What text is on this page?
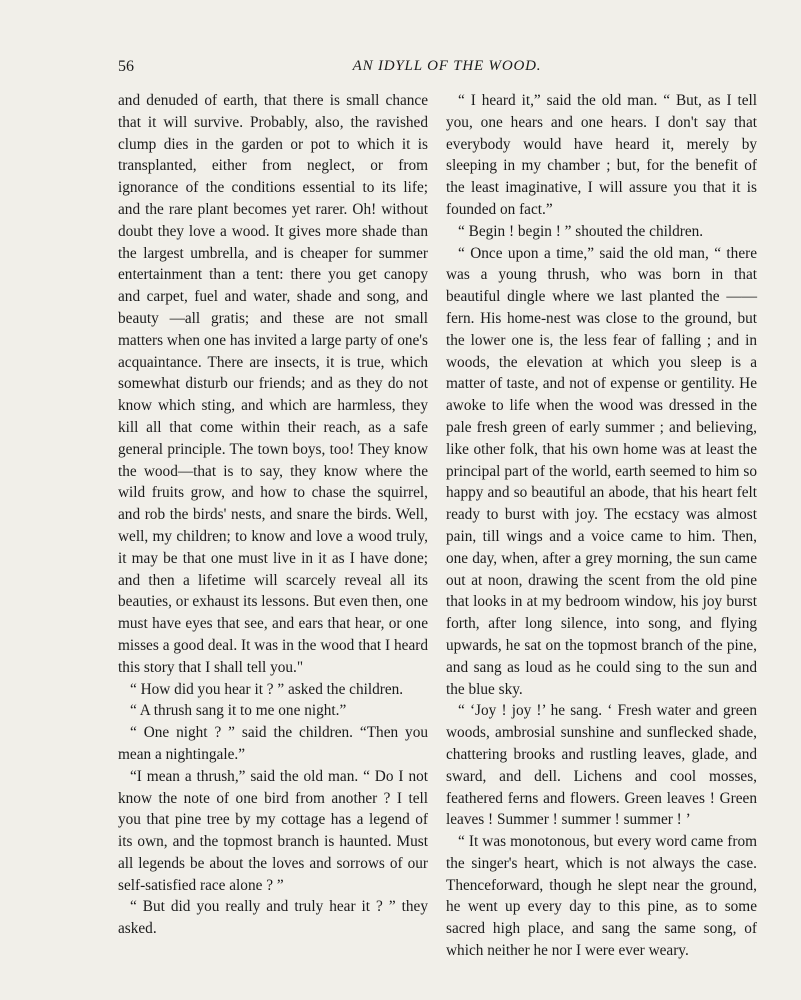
56	AN IDYLL OF THE WOOD.

and denuded of earth, that there is small chance that it will survive. Probably, also, the ravished clump dies in the garden or pot to which it is transplanted, either from neglect, or from ignorance of the conditions essential to its life; and the rare plant becomes yet rarer. Oh! without doubt they love a wood. It gives more shade than the largest umbrella, and is cheaper for summer entertainment than a tent: there you get canopy and carpet, fuel and water, shade and song, and beauty —all gratis; and these are not small matters when one has invited a large party of one's acquaintance. There are insects, it is true, which somewhat disturb our friends; and as they do not know which sting, and which are harmless, they kill all that come within their reach, as a safe general principle. The town boys, too! They know the wood—that is to say, they know where the wild fruits grow, and how to chase the squirrel, and rob the birds' nests, and snare the birds. Well, well, my children; to know and love a wood truly, it may be that one must live in it as I have done; and then a lifetime will scarcely reveal all its beauties, or exhaust its lessons. But even then, one must have eyes that see, and ears that hear, or one misses a good deal. It was in the wood that I heard this story that I shall tell you."

“ How did you hear it ? ” asked the children.

“ A thrush sang it to me one night.”

“ One night ? ” said the children. “Then you mean a nightingale.”

“I mean a thrush,” said the old man. “ Do I not know the note of one bird from another ? I tell you that pine tree by my cottage has a legend of its own, and the topmost branch is haunted. Must all legends be about the loves and sorrows of our self-satisfied race alone ? ”

“ But did you really and truly hear it ? ” they asked.

“ I heard it,” said the old man. “ But, as I tell you, one hears and one hears. I don't say that everybody would have heard it, merely by sleeping in my chamber ; but, for the benefit of the least imaginative, I will assure you that it is founded on fact.”

“ Begin ! begin ! ” shouted the children.

“ Once upon a time,” said the old man, “ there was a young thrush, who was born in that beautiful dingle where we last planted the —— fern. His home-nest was close to the ground, but the lower one is, the less fear of falling ; and in woods, the elevation at which you sleep is a matter of taste, and not of expense or gentility. He awoke to life when the wood was dressed in the pale fresh green of early summer ; and believing, like other folk, that his own home was at least the principal part of the world, earth seemed to him so happy and so beautiful an abode, that his heart felt ready to burst with joy. The ecstacy was almost pain, till wings and a voice came to him. Then, one day, when, after a grey morning, the sun came out at noon, drawing the scent from the old pine that looks in at my bedroom window, his joy burst forth, after long silence, into song, and flying upwards, he sat on the topmost branch of the pine, and sang as loud as he could sing to the sun and the blue sky.

“ ‘Joy ! joy !’ he sang. ‘ Fresh water and green woods, ambrosial sunshine and sunflecked shade, chattering brooks and rustling leaves, glade, and sward, and dell. Lichens and cool mosses, feathered ferns and flowers. Green leaves ! Green leaves ! Summer ! summer ! summer ! ’

“ It was monotonous, but every word came from the singer's heart, which is not always the case. Thenceforward, though he slept near the ground, he went up every day to this pine, as to some sacred high place, and sang the same song, of which neither he nor I were ever weary.
